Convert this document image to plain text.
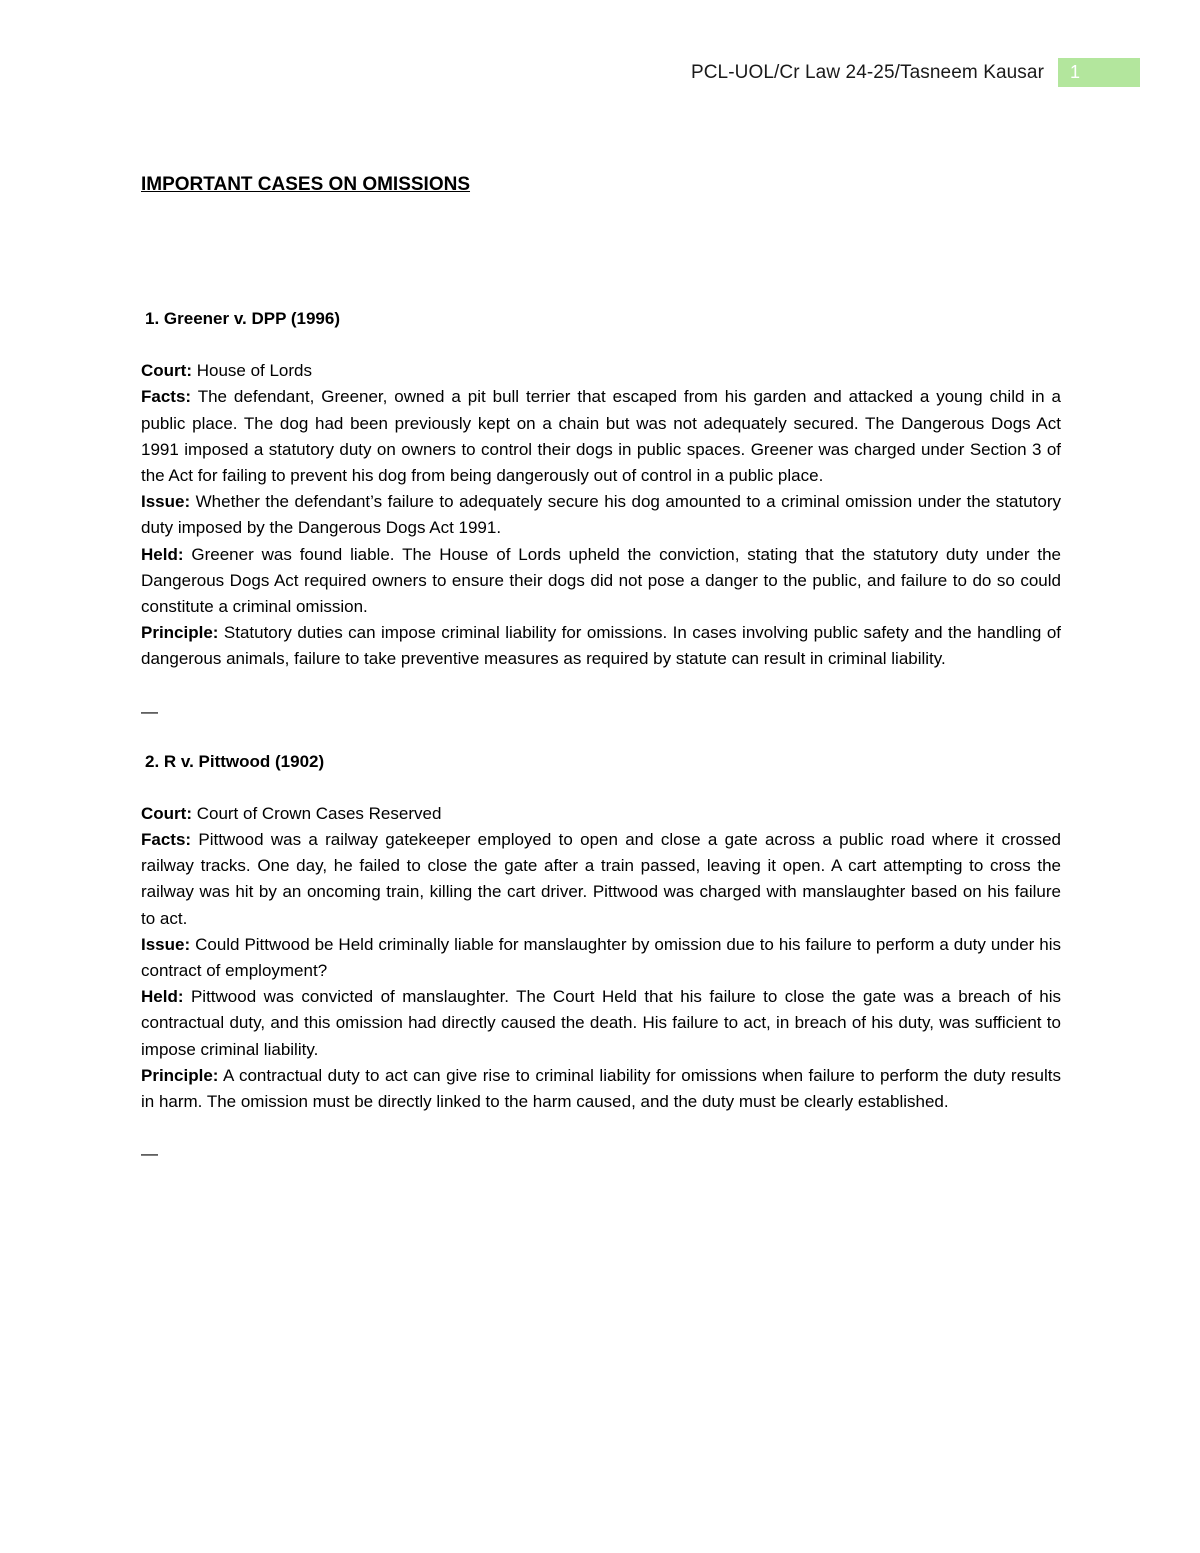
PCL-UOL/Cr Law 24-25/Tasneem Kausar	1
IMPORTANT CASES ON OMISSIONS

1. Greener v. DPP (1996)

Court: House of Lords

Facts: The defendant, Greener, owned a pit bull terrier that escaped from his garden and attacked a young child in a public place. The dog had been previously kept on a chain but was not adequately secured. The Dangerous Dogs Act 1991 imposed a statutory duty on owners to control their dogs in public spaces. Greener was charged under Section 3 of the Act for failing to prevent his dog from being dangerously out of control in a public place.

Issue: Whether the defendant’s failure to adequately secure his dog amounted to a criminal omission under the statutory duty imposed by the Dangerous Dogs Act 1991.

Held: Greener was found liable. The House of Lords upheld the conviction, stating that the statutory duty under the Dangerous Dogs Act required owners to ensure their dogs did not pose a danger to the public, and failure to do so could constitute a criminal omission.

Principle: Statutory duties can impose criminal liability for omissions. In cases involving public safety and the handling of dangerous animals, failure to take preventive measures as required by statute can result in criminal liability.

—

2. R v. Pittwood (1902)

Court: Court of Crown Cases Reserved

Facts: Pittwood was a railway gatekeeper employed to open and close a gate across a public road where it crossed railway tracks. One day, he failed to close the gate after a train passed, leaving it open. A cart attempting to cross the railway was hit by an oncoming train, killing the cart driver. Pittwood was charged with manslaughter based on his failure to act.

Issue: Could Pittwood be Held criminally liable for manslaughter by omission due to his failure to perform a duty under his contract of employment?

Held: Pittwood was convicted of manslaughter. The Court Held that his failure to close the gate was a breach of his contractual duty, and this omission had directly caused the death. His failure to act, in breach of his duty, was sufficient to impose criminal liability.

Principle: A contractual duty to act can give rise to criminal liability for omissions when failure to perform the duty results in harm. The omission must be directly linked to the harm caused, and the duty must be clearly established.

—
